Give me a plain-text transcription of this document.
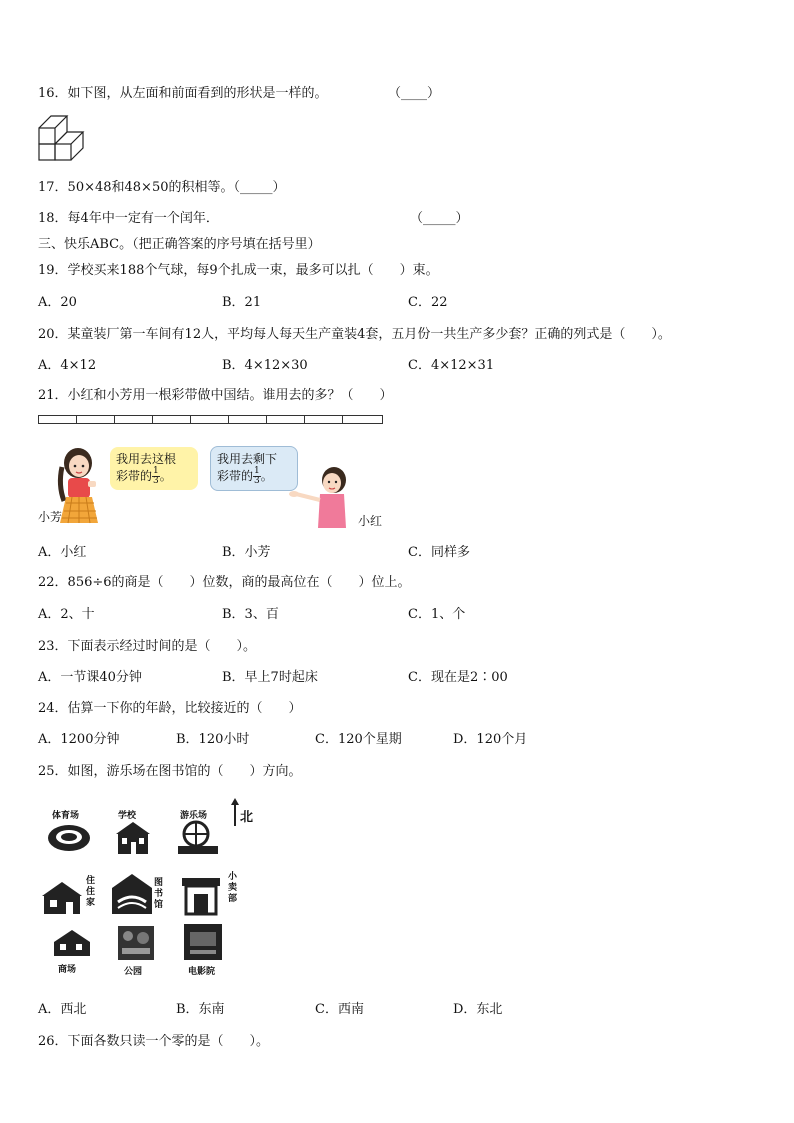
16．如下图，从左面和前面看到的形状是一样的。	（____）
17．50×48和48×50的积相等。（_____）
18．每4年中一定有一个闰年．	（_____）
三、快乐ABC。（把正确答案的序号填在括号里）
19．学校买来188个气球，每9个扎成一束，最多可以扎（　　）束。
A．20	B．21	C．22
20．某童装厂第一车间有12人，平均每人每天生产童装4套，五月份一共生产多少套？正确的列式是（　　）。
A．4×12	B．4×12×30	C．4×12×31
21．小红和小芳用一根彩带做中国结。谁用去的多？（　　）
我用去这根
彩带的 $\frac{1}{3}$ 。
小芳
我用去剩下
彩带的 $\frac{1}{3}$ 。
小红
A．小红	B．小芳	C．同样多
22．856÷6的商是（　　）位数，商的最高位在（　　）位上。
A．2、十	B．3、百	C．1、个
23．下面表示经过时间的是（　　）。
A．一节课40分钟	B．早上7时起床	C．现在是2∶00
24．估算一下你的年龄，比较接近的（　　）
A．1200分钟	B．120小时	C．120个星期	D．120个月
25．如图，游乐场在图书馆的（　　）方向。
体育场	学校	游乐场	北
住
住
家
图
书
馆
小
卖
部
商场	公园	电影院
A．西北	B．东南	C．西南	D．东北
26．下面各数只读一个零的是（　　）。
